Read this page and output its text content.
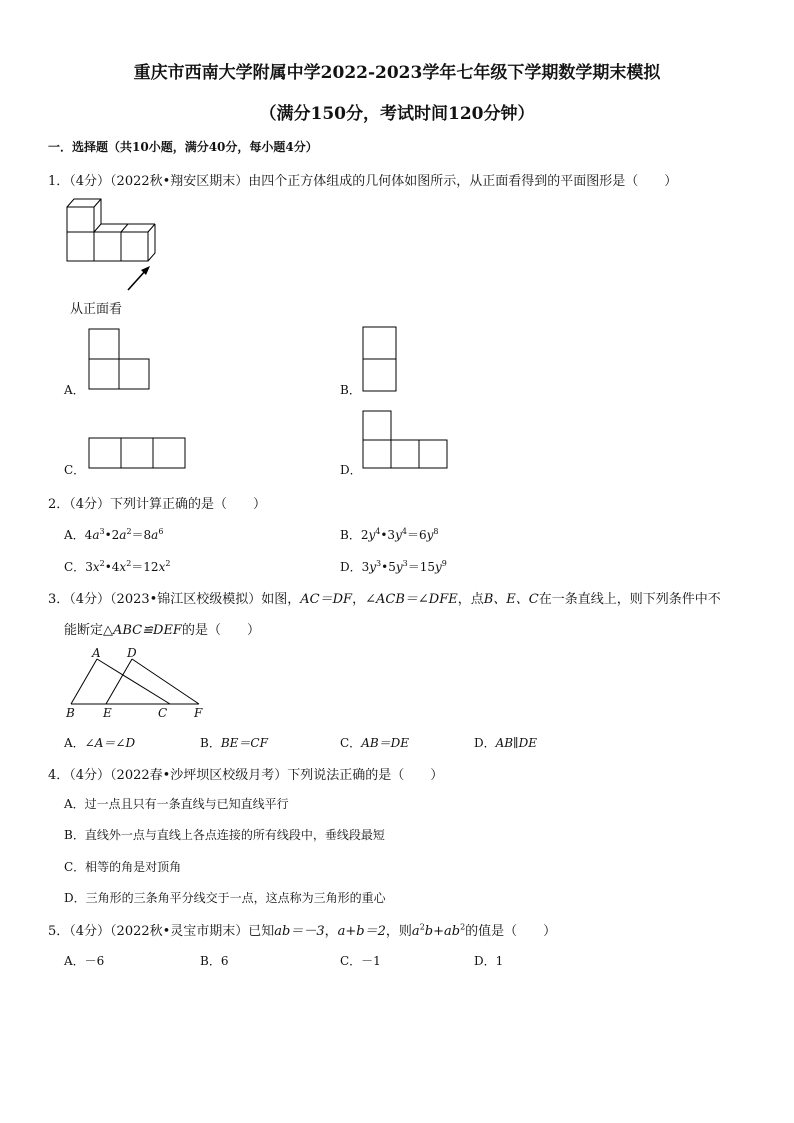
重庆市西南大学附属中学2022-2023学年七年级下学期数学期末模拟
（满分150分，考试时间120分钟）
一．选择题（共10小题，满分40分，每小题4分）
1．（4分）（2022秋•翔安区期末）由四个正方体组成的几何体如图所示，从正面看得到的平面图形是（　　）
从正面看
A．	B．
C．	D．
2．（4分）下列计算正确的是（　　）
A．$4a^3•2a^2=8a^6$	B．$2y^4•3y^4=6y^8$
C．$3x^2•4x^2=12x^2$	D．$3y^3•5y^3=15y^9$
3．（4分）（2023•锦江区校级模拟）如图，AC＝DF，∠ACB＝∠DFE，点B、E、C在一条直线上，则下列条件中不
能断定△ABC≌DEF的是（　　）
A D
B E	C F
A．∠A＝∠D	B．BE＝CF	C．AB＝DE	D．AB∥DE
4．（4分）（2022春•沙坪坝区校级月考）下列说法正确的是（　　）
A．过一点且只有一条直线与已知直线平行
B．直线外一点与直线上各点连接的所有线段中，垂线段最短
C．相等的角是对顶角
D．三角形的三条角平分线交于一点，这点称为三角形的重心
5．（4分）（2022秋•灵宝市期末）已知ab＝－3，a+b＝2，则$a^2b+ab^2$的值是（　　）
A．－6	B．6	C．－1	D．1
